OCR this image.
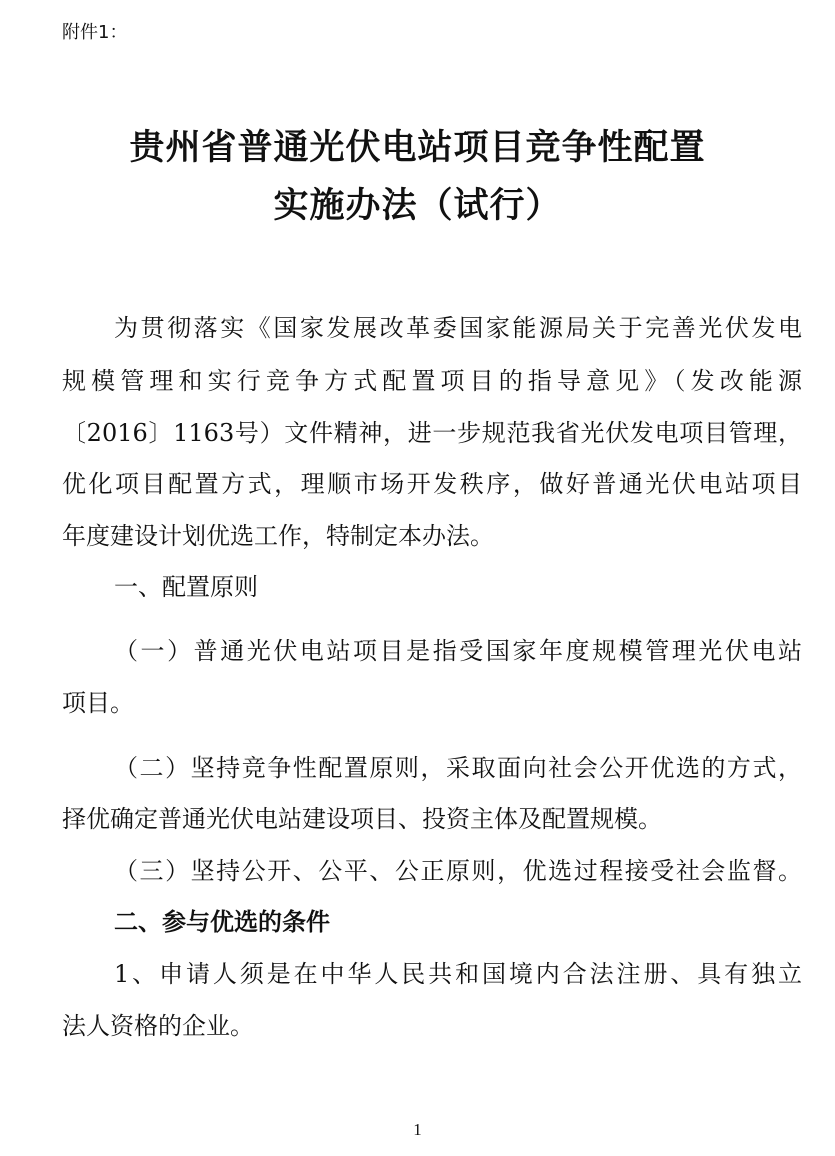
附件1：
贵州省普通光伏电站项目竞争性配置
实施办法（试行）
为贯彻落实《国家发展改革委国家能源局关于完善光伏发电
规模管理和实行竞争方式配置项目的指导意见》（发改能源
〔2016〕1163号）文件精神，进一步规范我省光伏发电项目管理，
优化项目配置方式，理顺市场开发秩序，做好普通光伏电站项目
年度建设计划优选工作，特制定本办法。
一、配置原则
（一）普通光伏电站项目是指受国家年度规模管理光伏电站
项目。
（二）坚持竞争性配置原则，采取面向社会公开优选的方式，
择优确定普通光伏电站建设项目、投资主体及配置规模。
（三）坚持公开、公平、公正原则，优选过程接受社会监督。
二、参与优选的条件
1、申请人须是在中华人民共和国境内合法注册、具有独立
法人资格的企业。
1
